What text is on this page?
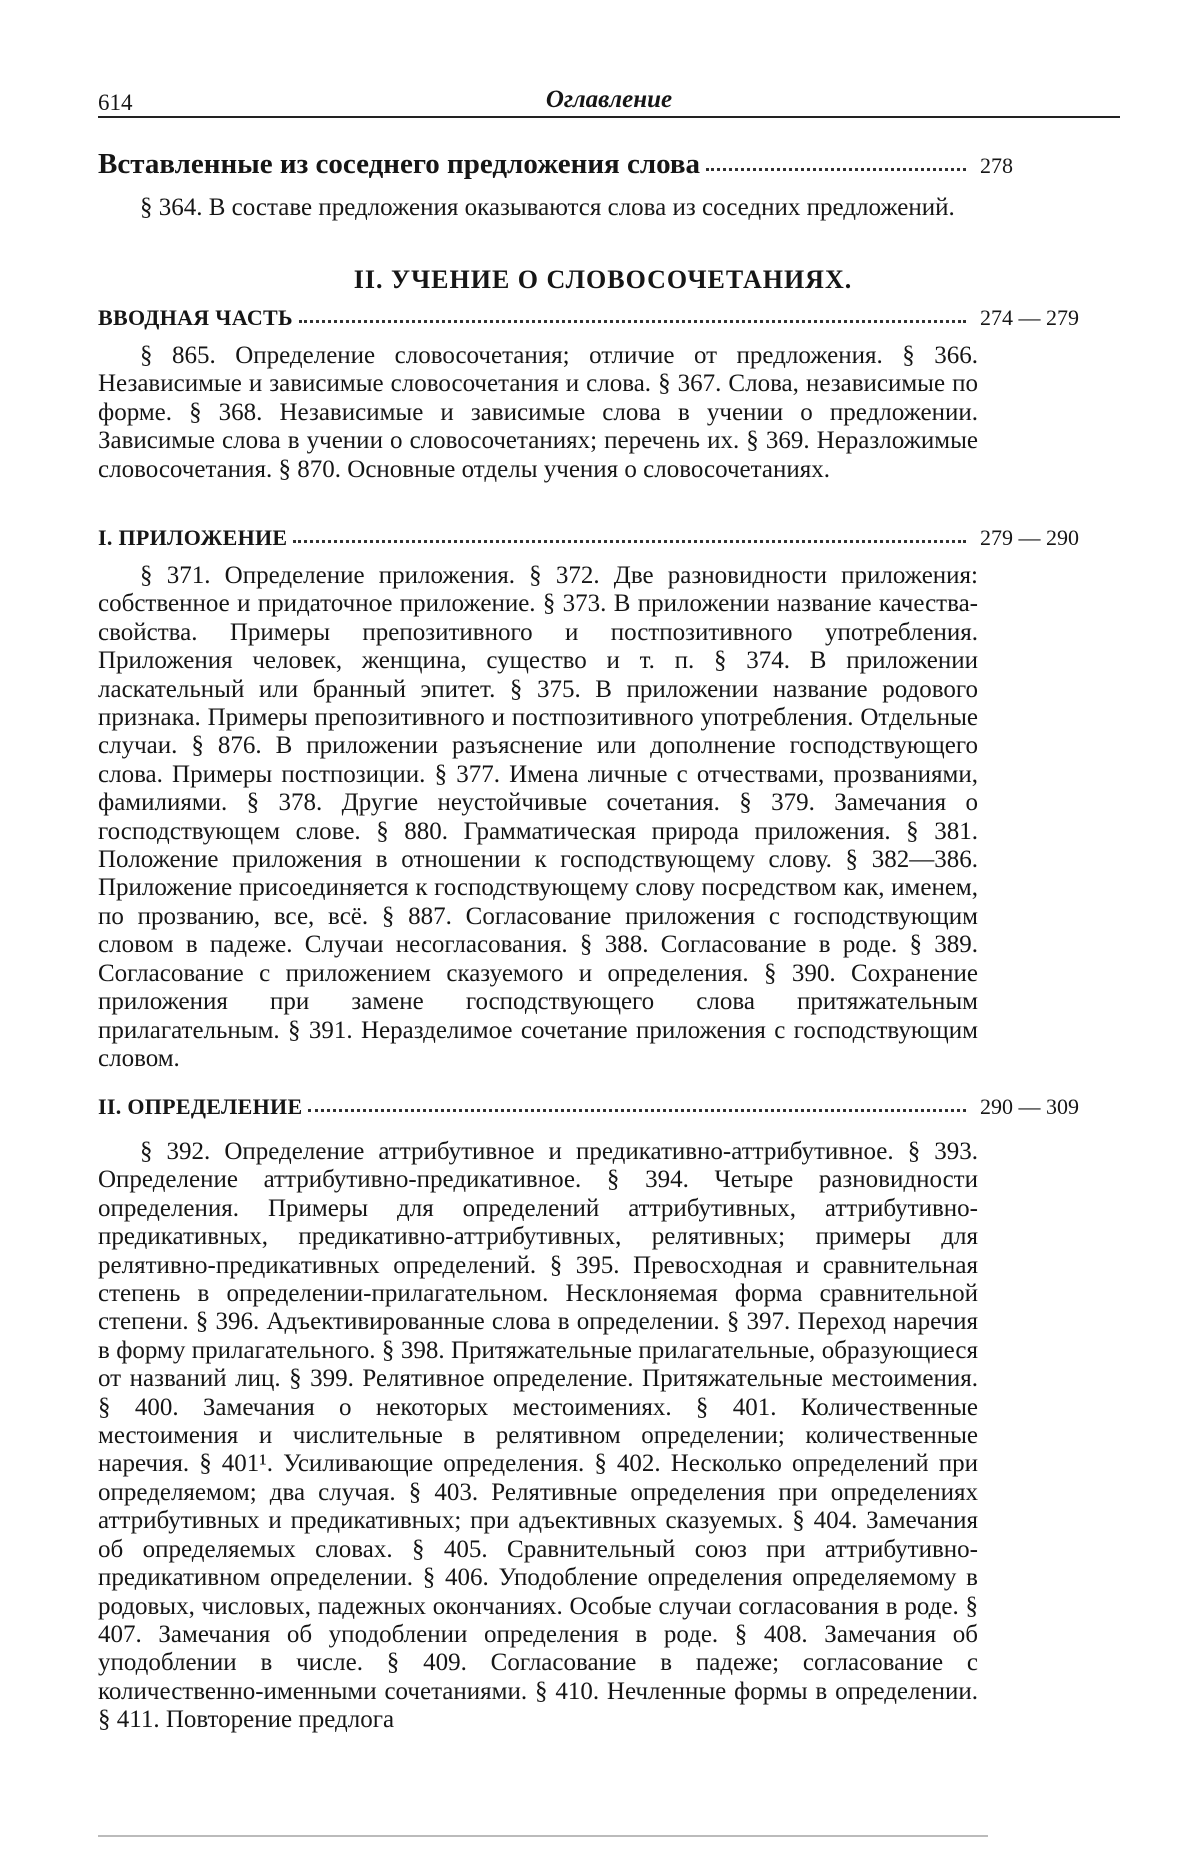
614	Оглавление
Вставленные из соседнего предложения слова	278

§ 364. В составе предложения оказываются слова из соседних предложений.

II. УЧЕНИЕ О СЛОВОСОЧЕТАНИЯХ.
ВВОДНАЯ ЧАСТЬ	274 — 279

§ 865. Определение словосочетания; отличие от предложения. § 366. Независимые и зависимые словосочетания и слова. § 367. Слова, независимые по форме. § 368. Независимые и зависимые слова в учении о предложении. Зависимые слова в учении о словосочетаниях; перечень их. § 369. Неразложимые словосочетания. § 870. Основные отделы учения о словосочетаниях.

I. ПРИЛОЖЕНИЕ	279 — 290

§ 371. Определение приложения. § 372. Две разновидности приложения: собственное и придаточное приложение. § 373. В приложении название качества-свойства. Примеры препозитивного и постпозитивного употребления. Приложения человек, женщина, существо и т. п. § 374. В приложении ласкательный или бранный эпитет. § 375. В приложении название родового признака. Примеры препозитивного и постпозитивного употребления. Отдельные случаи. § 876. В приложении разъяснение или дополнение господствующего слова. Примеры постпозиции. § 377. Имена личные с отчествами, прозваниями, фамилиями. § 378. Другие неустойчивые сочетания. § 379. Замечания о господствующем слове. § 880. Грамматическая природа приложения. § 381. Положение приложения в отношении к господствующему слову. § 382—386. Приложение присоединяется к господствующему слову посредством как, именем, по прозванию, все, всё. § 887. Согласование приложения с господствующим словом в падеже. Случаи несогласования. § 388. Согласование в роде. § 389. Согласование с приложением сказуемого и определения. § 390. Сохранение приложения при замене господствующего слова притяжательным прилагательным. § 391. Неразделимое сочетание приложения с господствующим словом.

II. ОПРЕДЕЛЕНИЕ	290 — 309

§ 392. Определение аттрибутивное и предикативно-аттрибутивное. § 393. Определение аттрибутивно-предикативное. § 394. Четыре разновидности определения. Примеры для определений аттрибутивных, аттрибутивно-предикативных, предикативно-аттрибутивных, релятивных; примеры для релятивно-предикативных определений. § 395. Превосходная и сравнительная степень в определении-прилагательном. Несклоняемая форма сравнительной степени. § 396. Адъективированные слова в определении. § 397. Переход наречия в форму прилагательного. § 398. Притяжательные прилагательные, образующиеся от названий лиц. § 399. Релятивное определение. Притяжательные местоимения. § 400. Замечания о некоторых местоимениях. § 401. Количественные местоимения и числительные в релятивном определении; количественные наречия. § 401¹. Усиливающие определения. § 402. Несколько определений при определяемом; два случая. § 403. Релятивные определения при определениях аттрибутивных и предикативных; при адъективных сказуемых. § 404. Замечания об определяемых словах. § 405. Сравнительный союз при аттрибутивно-предикативном определении. § 406. Уподобление определения определяемому в родовых, числовых, падежных окончаниях. Особые случаи согласования в роде. § 407. Замечания об уподоблении определения в роде. § 408. Замечания об уподоблении в числе. § 409. Согласование в падеже; согласование с количественно-именными сочетаниями. § 410. Нечленные формы в определении. § 411. Повторение предлога
